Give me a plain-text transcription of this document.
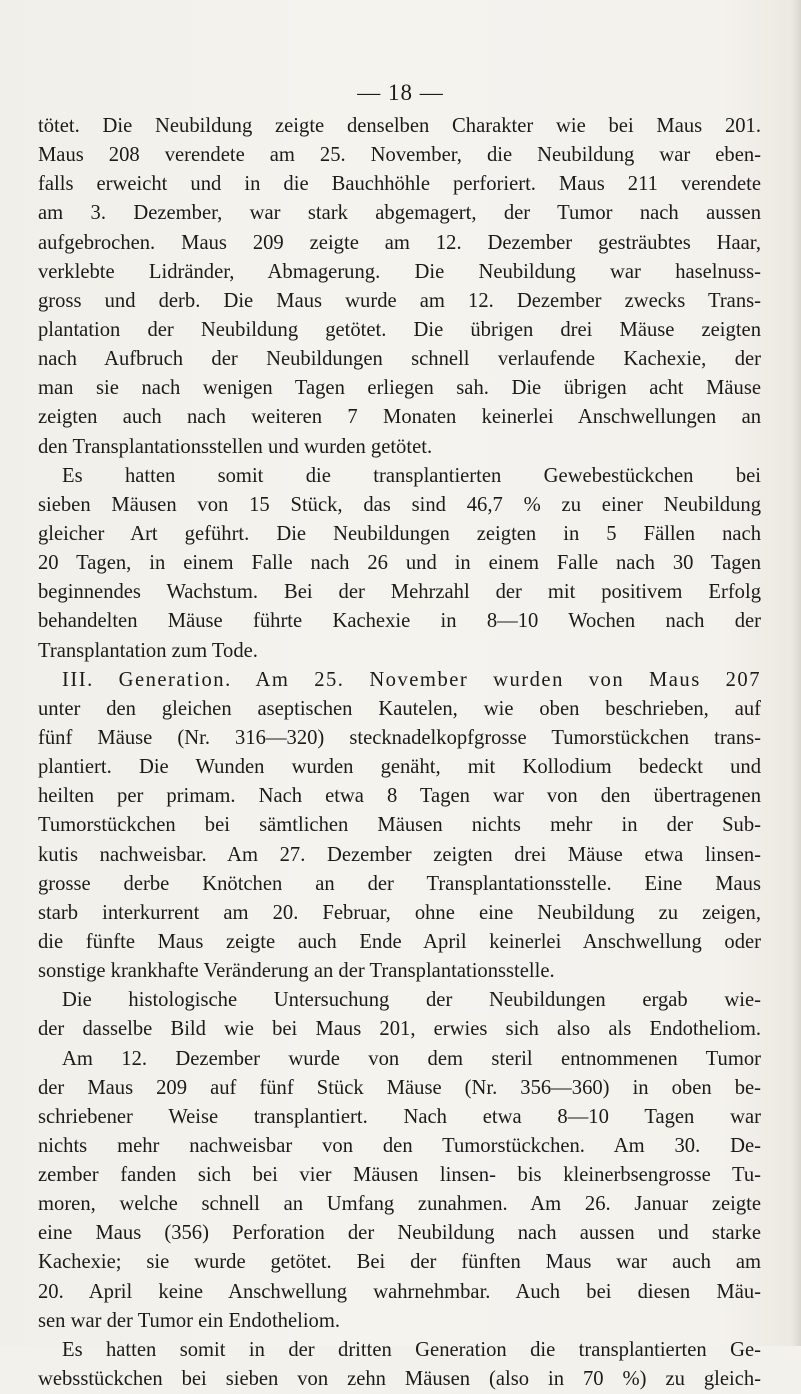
— 18 —
tötet. Die Neubildung zeigte denselben Charakter wie bei Maus 201.
Maus 208 verendete am 25. November, die Neubildung war eben-
falls erweicht und in die Bauchhöhle perforiert. Maus 211 verendete
am 3. Dezember, war stark abgemagert, der Tumor nach aussen
aufgebrochen. Maus 209 zeigte am 12. Dezember gesträubtes Haar,
verklebte Lidränder, Abmagerung. Die Neubildung war haselnuss-
gross und derb. Die Maus wurde am 12. Dezember zwecks Trans-
plantation der Neubildung getötet. Die übrigen drei Mäuse zeigten
nach Aufbruch der Neubildungen schnell verlaufende Kachexie, der
man sie nach wenigen Tagen erliegen sah. Die übrigen acht Mäuse
zeigten auch nach weiteren 7 Monaten keinerlei Anschwellungen an
den Transplantationsstellen und wurden getötet.
Es hatten somit die transplantierten Gewebestückchen bei
sieben Mäusen von 15 Stück, das sind 46,7 % zu einer Neubildung
gleicher Art geführt. Die Neubildungen zeigten in 5 Fällen nach
20 Tagen, in einem Falle nach 26 und in einem Falle nach 30 Tagen
beginnendes Wachstum. Bei der Mehrzahl der mit positivem Erfolg
behandelten Mäuse führte Kachexie in 8—10 Wochen nach der
Transplantation zum Tode.
III. Generation. Am 25. November wurden von Maus 207
unter den gleichen aseptischen Kautelen, wie oben beschrieben, auf
fünf Mäuse (Nr. 316—320) stecknadelkopfgrosse Tumorstückchen trans-
plantiert. Die Wunden wurden genäht, mit Kollodium bedeckt und
heilten per primam. Nach etwa 8 Tagen war von den übertragenen
Tumorstückchen bei sämtlichen Mäusen nichts mehr in der Sub-
kutis nachweisbar. Am 27. Dezember zeigten drei Mäuse etwa linsen-
grosse derbe Knötchen an der Transplantationsstelle. Eine Maus
starb interkurrent am 20. Februar, ohne eine Neubildung zu zeigen,
die fünfte Maus zeigte auch Ende April keinerlei Anschwellung oder
sonstige krankhafte Veränderung an der Transplantationsstelle.
Die histologische Untersuchung der Neubildungen ergab wie-
der dasselbe Bild wie bei Maus 201, erwies sich also als Endotheliom.
Am 12. Dezember wurde von dem steril entnommenen Tumor
der Maus 209 auf fünf Stück Mäuse (Nr. 356—360) in oben be-
schriebener Weise transplantiert. Nach etwa 8—10 Tagen war
nichts mehr nachweisbar von den Tumorstückchen. Am 30. De-
zember fanden sich bei vier Mäusen linsen- bis kleinerbsengrosse Tu-
moren, welche schnell an Umfang zunahmen. Am 26. Januar zeigte
eine Maus (356) Perforation der Neubildung nach aussen und starke
Kachexie; sie wurde getötet. Bei der fünften Maus war auch am
20. April keine Anschwellung wahrnehmbar. Auch bei diesen Mäu-
sen war der Tumor ein Endotheliom.
Es hatten somit in der dritten Generation die transplantierten Ge-
websstückchen bei sieben von zehn Mäusen (also in 70 %) zu gleich-
